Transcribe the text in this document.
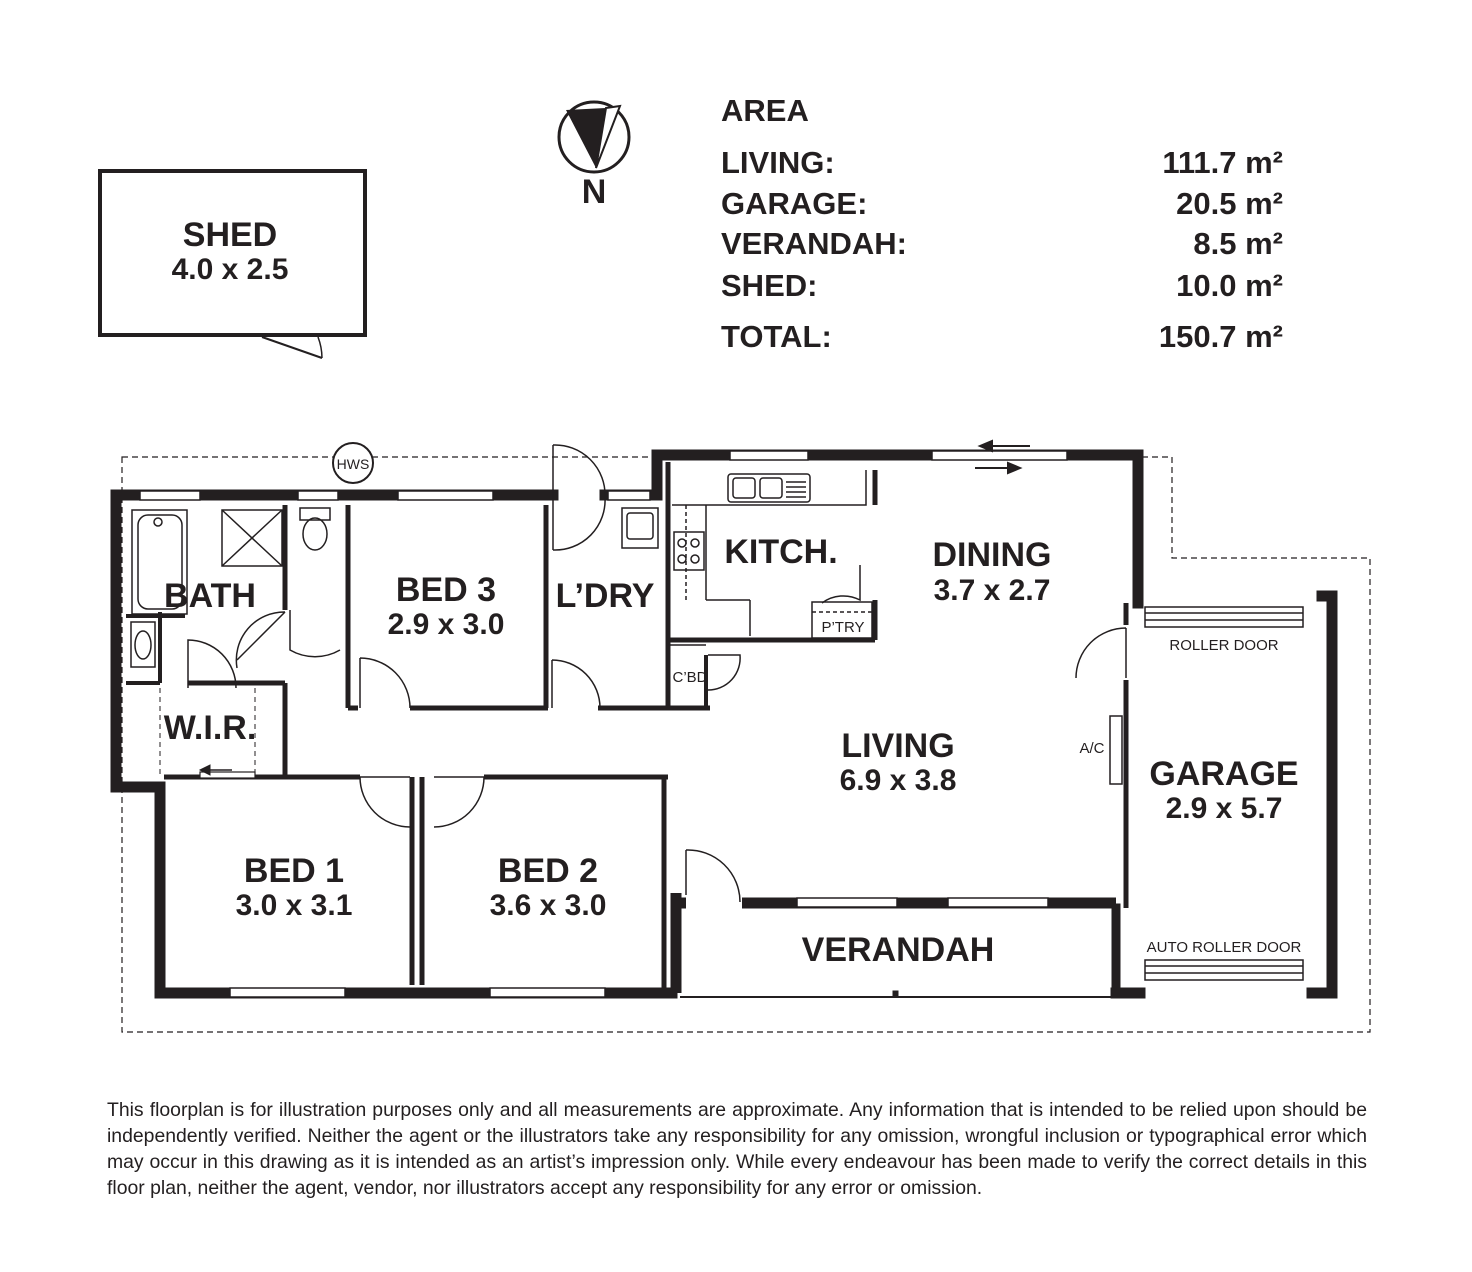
SHED
4.0 x 2.5
N
AREA
LIVING:	111.7 m²
GARAGE:	20.5 m²
VERANDAH:	8.5 m²
SHED:	10.0 m²
TOTAL:	150.7 m²
HWS
BATH	BED 3
2.9 x 3.0
L’DRY
KITCH.	DINING
3.7 x 2.7
P’TRY
C’BD
W.I.R.	LIVING
6.9 x 3.8
A/C
GARAGE
2.9 x 5.7
ROLLER DOOR
AUTO ROLLER DOOR
BED 1
3.0 x 3.1
BED 2
3.6 x 3.0
VERANDAH

This floorplan is for illustration purposes only and all measurements are approximate. Any information that is intended to be relied upon should be independently verified. Neither the agent or the illustrators take any responsibility for any omission, wrongful inclusion or typographical error which may occur in this drawing as it is intended as an artist’s impression only. While every endeavour has been made to verify the correct details in this floor plan, neither the agent, vendor, nor illustrators accept any responsibility for any error or omission.
